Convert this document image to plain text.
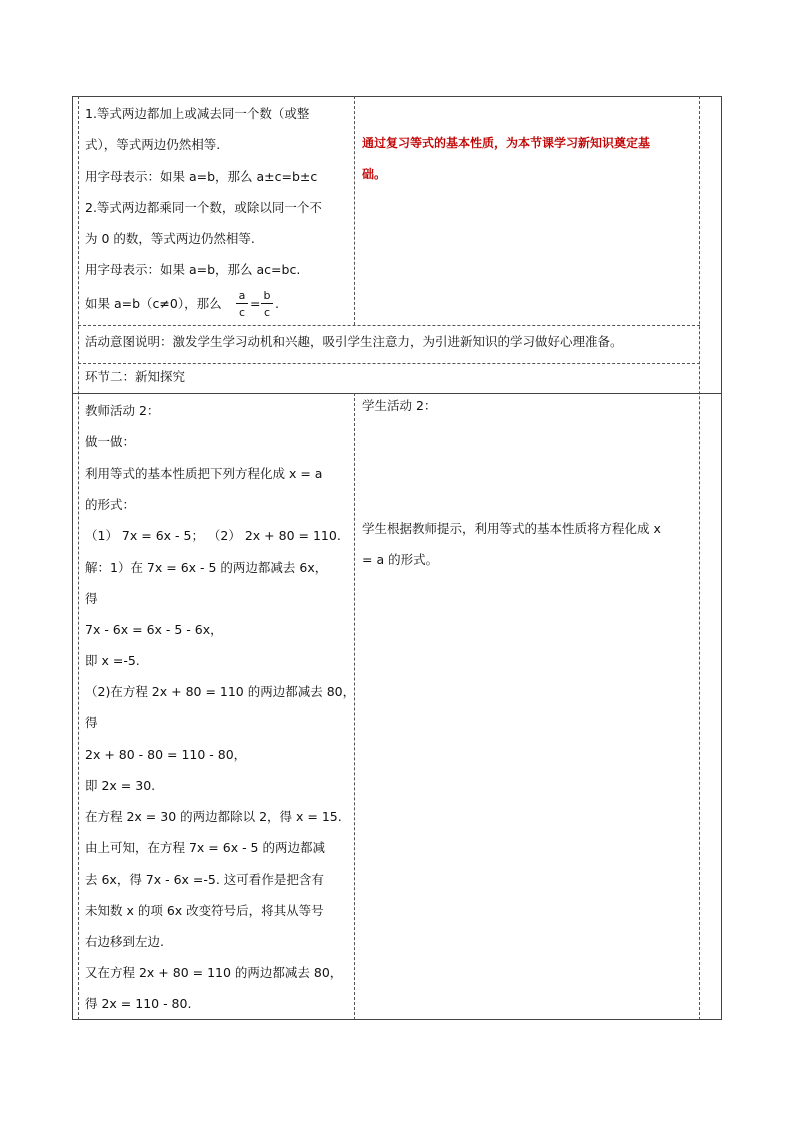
1.等式两边都加上或减去同一个数（或整
式），等式两边仍然相等.
用字母表示：如果 a=b，那么 a±c=b±c
2.等式两边都乘同一个数，或除以同一个不
为 0 的数，等式两边仍然相等.
用字母表示：如果 a=b，那么 ac=bc.
如果 a=b（c≠0），那么
a
c
=
b
c
.
通过复习等式的基本性质，为本节课学习新知识奠定基
础。
活动意图说明：激发学生学习动机和兴趣，吸引学生注意力，为引进新知识的学习做好心理准备。
环节二：新知探究
教师活动 2：
做一做：
利用等式的基本性质把下列方程化成 x = a
的形式：
（1） 7x = 6x - 5； （2） 2x + 80 = 110.
解：1）在 7x = 6x - 5 的两边都减去 6x，
得
7x - 6x = 6x - 5 - 6x，
即 x =-5.
（2)在方程 2x + 80 = 110 的两边都减去 80，
得
2x + 80 - 80 = 110 - 80，
即 2x = 30.
在方程 2x = 30 的两边都除以 2，得 x = 15.
由上可知，在方程 7x = 6x - 5 的两边都减
去 6x，得 7x - 6x =-5. 这可看作是把含有
未知数 x 的项 6x 改变符号后，将其从等号
右边移到左边.
又在方程 2x + 80 = 110 的两边都减去 80，
得 2x = 110 - 80.
学生活动 2：
学生根据教师提示，利用等式的基本性质将方程化成 x
= a 的形式。
